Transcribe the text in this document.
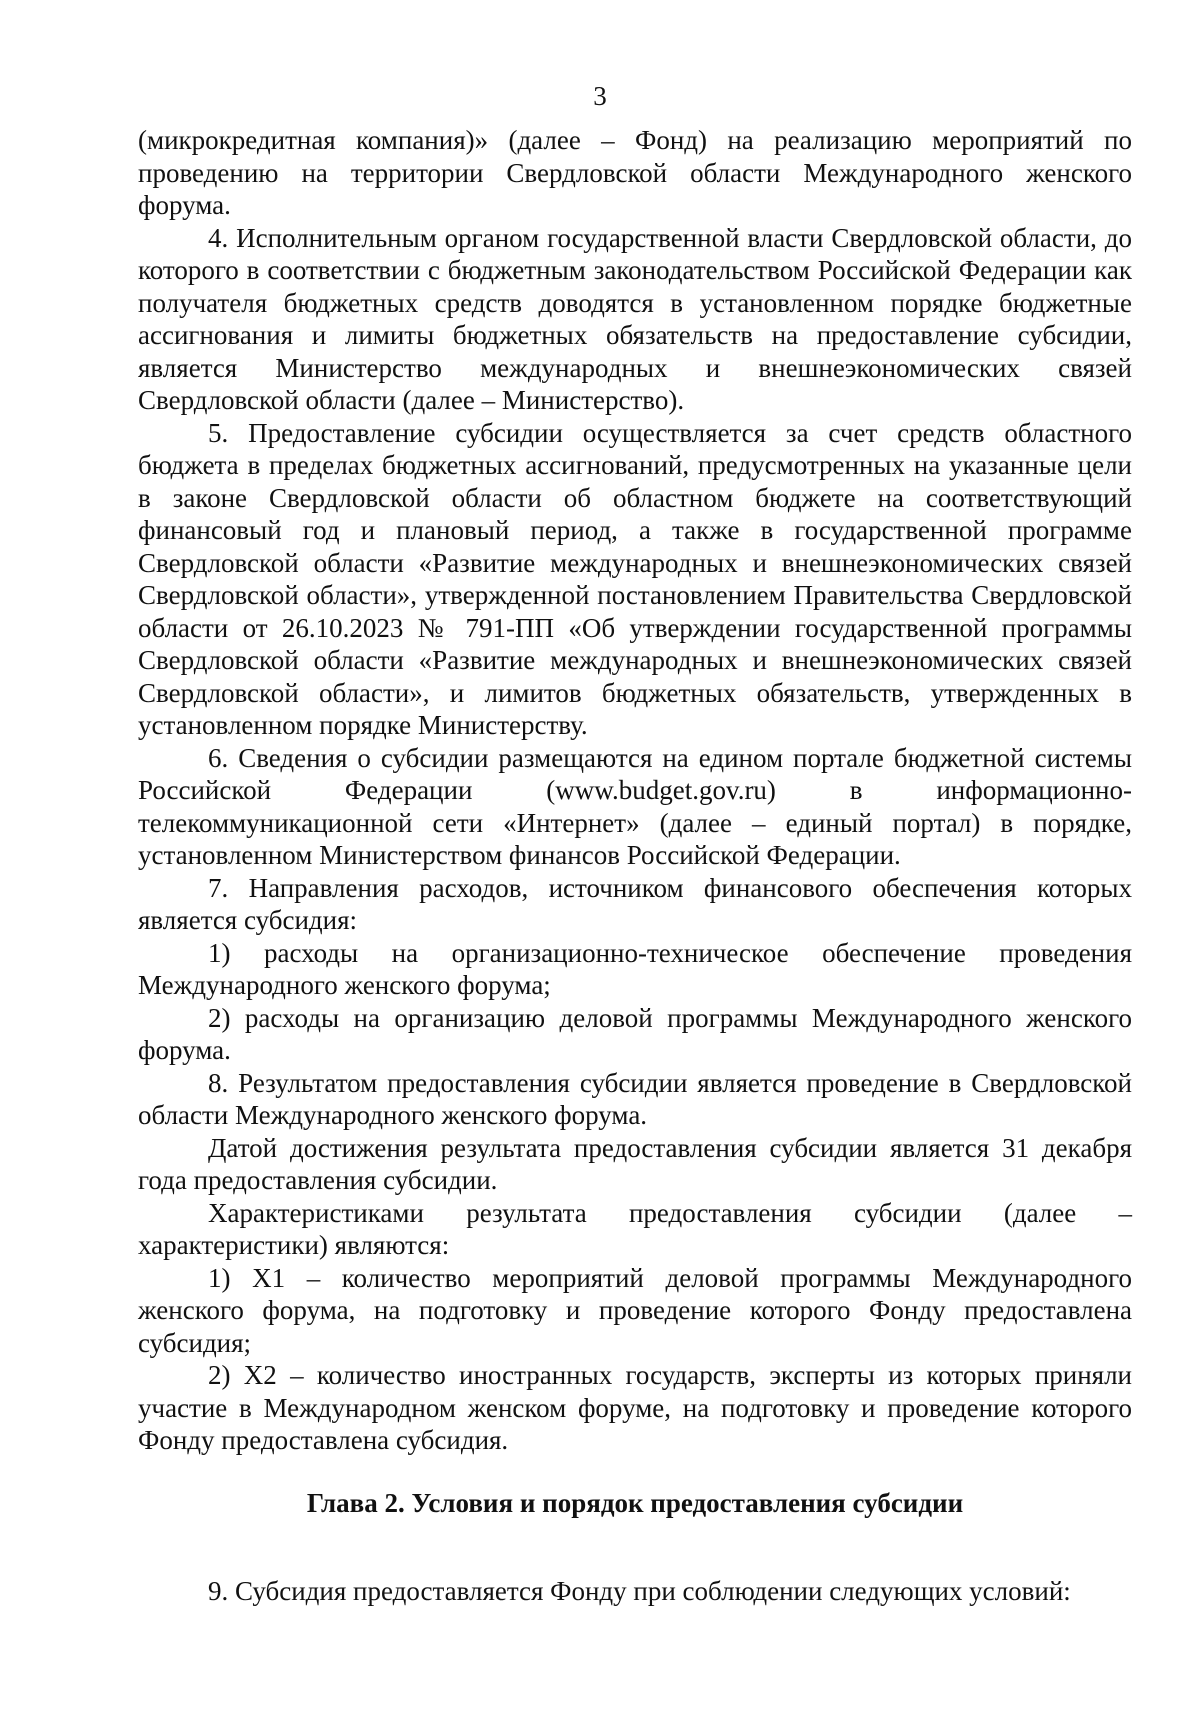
3

(микрокредитная компания)» (далее – Фонд) на реализацию мероприятий по проведению на территории Свердловской области Международного женского форума.

4. Исполнительным органом государственной власти Свердловской области, до которого в соответствии с бюджетным законодательством Российской Федерации как получателя бюджетных средств доводятся в установленном порядке бюджетные ассигнования и лимиты бюджетных обязательств на предоставление субсидии, является Министерство международных и внешнеэкономических связей Свердловской области (далее – Министерство).

5. Предоставление субсидии осуществляется за счет средств областного бюджета в пределах бюджетных ассигнований, предусмотренных на указанные цели в законе Свердловской области об областном бюджете на соответствующий финансовый год и плановый период, а также в государственной программе Свердловской области «Развитие международных и внешнеэкономических связей Свердловской области», утвержденной постановлением Правительства Свердловской области от 26.10.2023 № 791-ПП «Об утверждении государственной программы Свердловской области «Развитие международных и внешнеэкономических связей Свердловской области», и лимитов бюджетных обязательств, утвержденных в установленном порядке Министерству.

6. Сведения о субсидии размещаются на едином портале бюджетной системы Российской Федерации (www.budget.gov.ru) в информационно-телекоммуникационной сети «Интернет» (далее – единый портал) в порядке, установленном Министерством финансов Российской Федерации.

7. Направления расходов, источником финансового обеспечения которых является субсидия:

1) расходы на организационно-техническое обеспечение проведения Международного женского форума;

2) расходы на организацию деловой программы Международного женского форума.

8. Результатом предоставления субсидии является проведение в Свердловской области Международного женского форума.

Датой достижения результата предоставления субсидии является 31 декабря года предоставления субсидии.

Характеристиками результата предоставления субсидии (далее – характеристики) являются:

1) Х1 – количество мероприятий деловой программы Международного женского форума, на подготовку и проведение которого Фонду предоставлена субсидия;

2) Х2 – количество иностранных государств, эксперты из которых приняли участие в Международном женском форуме, на подготовку и проведение которого Фонду предоставлена субсидия.

Глава 2. Условия и порядок предоставления субсидии

9. Субсидия предоставляется Фонду при соблюдении следующих условий:
